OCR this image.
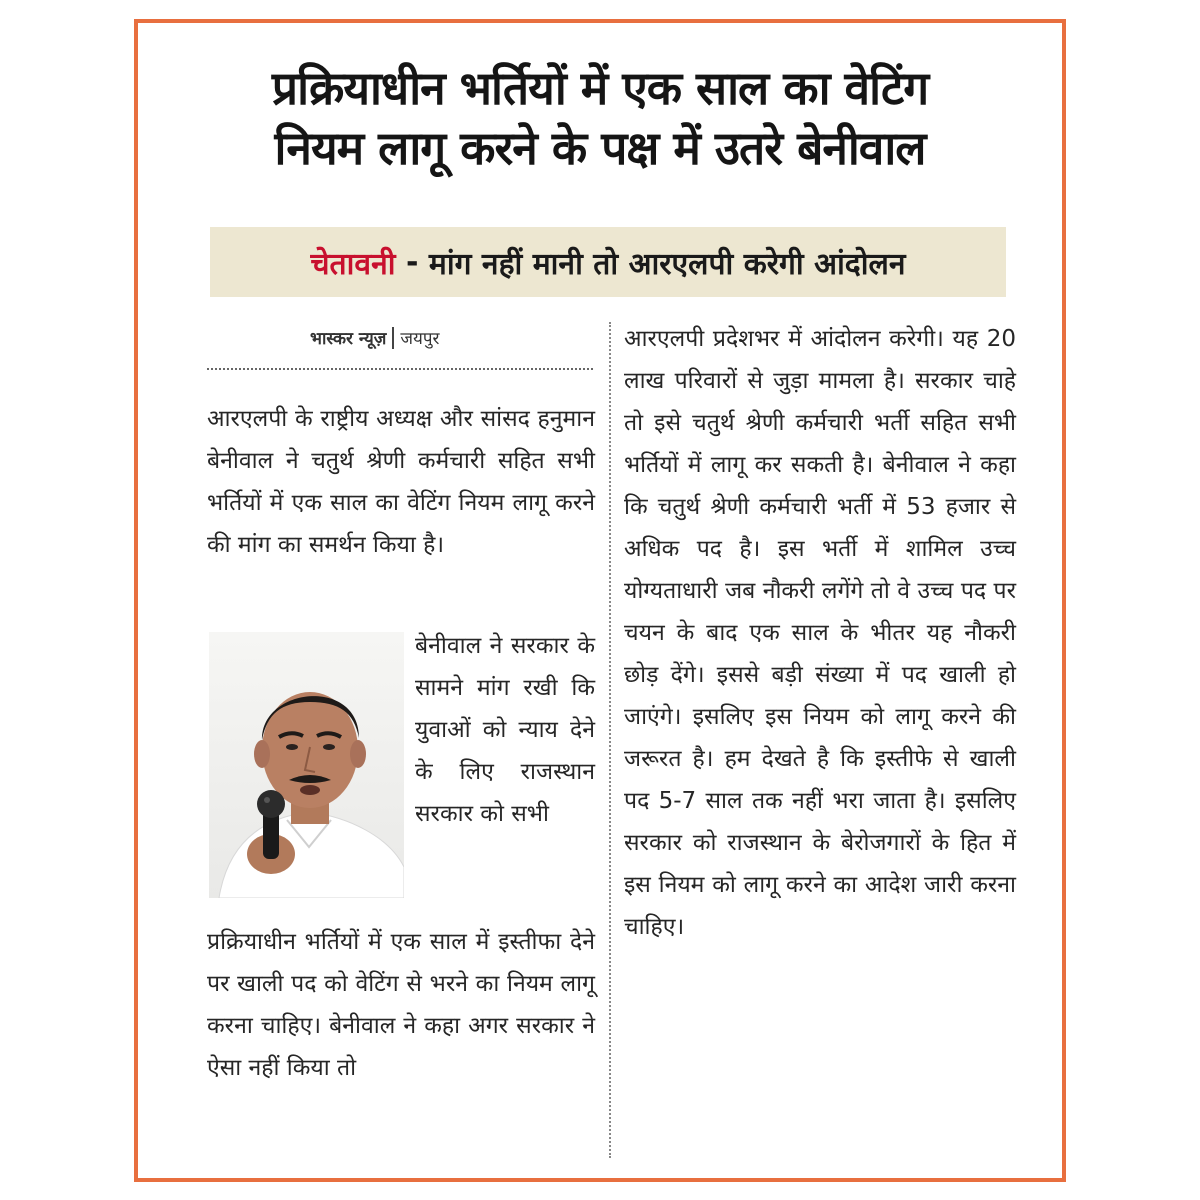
प्रक्रियाधीन भर्तियों में एक साल का वेटिंग
नियम लागू करने के पक्ष में उतरे बेनीवाल
चेतावनी - मांग नहीं मानी तो आरएलपी करेगी आंदोलन
भास्कर न्यूज़ जयपुर

आरएलपी के राष्ट्रीय अध्यक्ष और सांसद हनुमान बेनीवाल ने चतुर्थ श्रेणी कर्मचारी सहित सभी भर्तियों में एक साल का वेटिंग नियम लागू करने की मांग का समर्थन किया है।

बेनीवाल ने सरकार के सामने मांग रखी कि युवाओं को न्याय देने के लिए राजस्थान सरकार को सभी

प्रक्रियाधीन भर्तियों में एक साल में इस्तीफा देने पर खाली पद को वेटिंग से भरने का नियम लागू करना चाहिए। बेनीवाल ने कहा अगर सरकार ने ऐसा नहीं किया तो

आरएलपी प्रदेशभर में आंदोलन करेगी। यह 20 लाख परिवारों से जुड़ा मामला है। सरकार चाहे तो इसे चतुर्थ श्रेणी कर्मचारी भर्ती सहित सभी भर्तियों में लागू कर सकती है। बेनीवाल ने कहा कि चतुर्थ श्रेणी कर्मचारी भर्ती में 53 हजार से अधिक पद है। इस भर्ती में शामिल उच्च योग्यताधारी जब नौकरी लगेंगे तो वे उच्च पद पर चयन के बाद एक साल के भीतर यह नौकरी छोड़ देंगे। इससे बड़ी संख्या में पद खाली हो जाएंगे। इसलिए इस नियम को लागू करने की जरूरत है। हम देखते है कि इस्तीफे से खाली पद 5-7 साल तक नहीं भरा जाता है। इसलिए सरकार को राजस्थान के बेरोजगारों के हित में इस नियम को लागू करने का आदेश जारी करना चाहिए।
